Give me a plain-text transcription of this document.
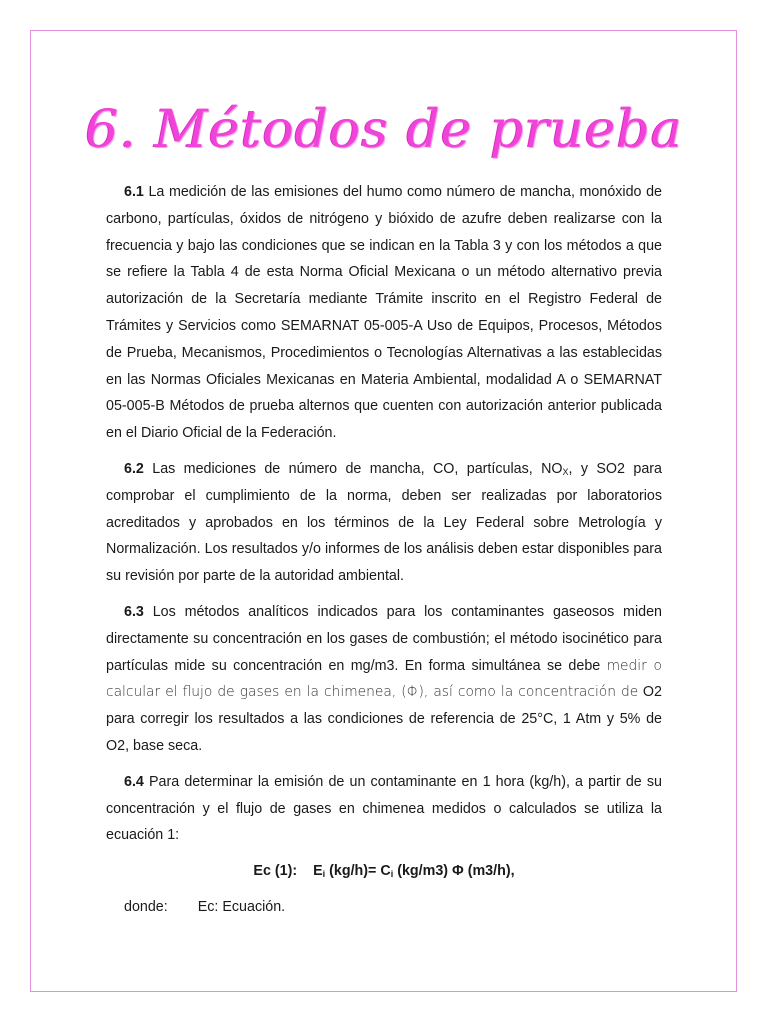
6. Métodos de prueba

6.1 La medición de las emisiones del humo como número de mancha, monóxido de carbono, partículas, óxidos de nitrógeno y bióxido de azufre deben realizarse con la frecuencia y bajo las condiciones que se indican en la Tabla 3 y con los métodos a que se refiere la Tabla 4 de esta Norma Oficial Mexicana o un método alternativo previa autorización de la Secretaría mediante Trámite inscrito en el Registro Federal de Trámites y Servicios como SEMARNAT 05-005-A Uso de Equipos, Procesos, Métodos de Prueba, Mecanismos, Procedimientos o Tecnologías Alternativas a las establecidas en las Normas Oficiales Mexicanas en Materia Ambiental, modalidad A o SEMARNAT 05-005-B Métodos de prueba alternos que cuenten con autorización anterior publicada en el Diario Oficial de la Federación.

6.2 Las mediciones de número de mancha, CO, partículas, $NO_X$, y SO2 para comprobar el cumplimiento de la norma, deben ser realizadas por laboratorios acreditados y aprobados en los términos de la Ley Federal sobre Metrología y Normalización. Los resultados y/o informes de los análisis deben estar disponibles para su revisión por parte de la autoridad ambiental.

6.3 Los métodos analíticos indicados para los contaminantes gaseosos miden directamente su concentración en los gases de combustión; el método isocinético para partículas mide su concentración en mg/m3. En forma simultánea se debe medir o calcular el flujo de gases en la chimenea, (Φ), así como la concentración de O2 para corregir los resultados a las condiciones de referencia de 25°C, 1 Atm y 5% de O2, base seca.

6.4 Para determinar la emisión de un contaminante en 1 hora (kg/h), a partir de su concentración y el flujo de gases en chimenea medidos o calculados se utiliza la ecuación 1:

Ec (1): $E_i$ $(kg/h)= C_i$ (kg/m3) Φ (m3/h),

donde: Ec: Ecuación.
